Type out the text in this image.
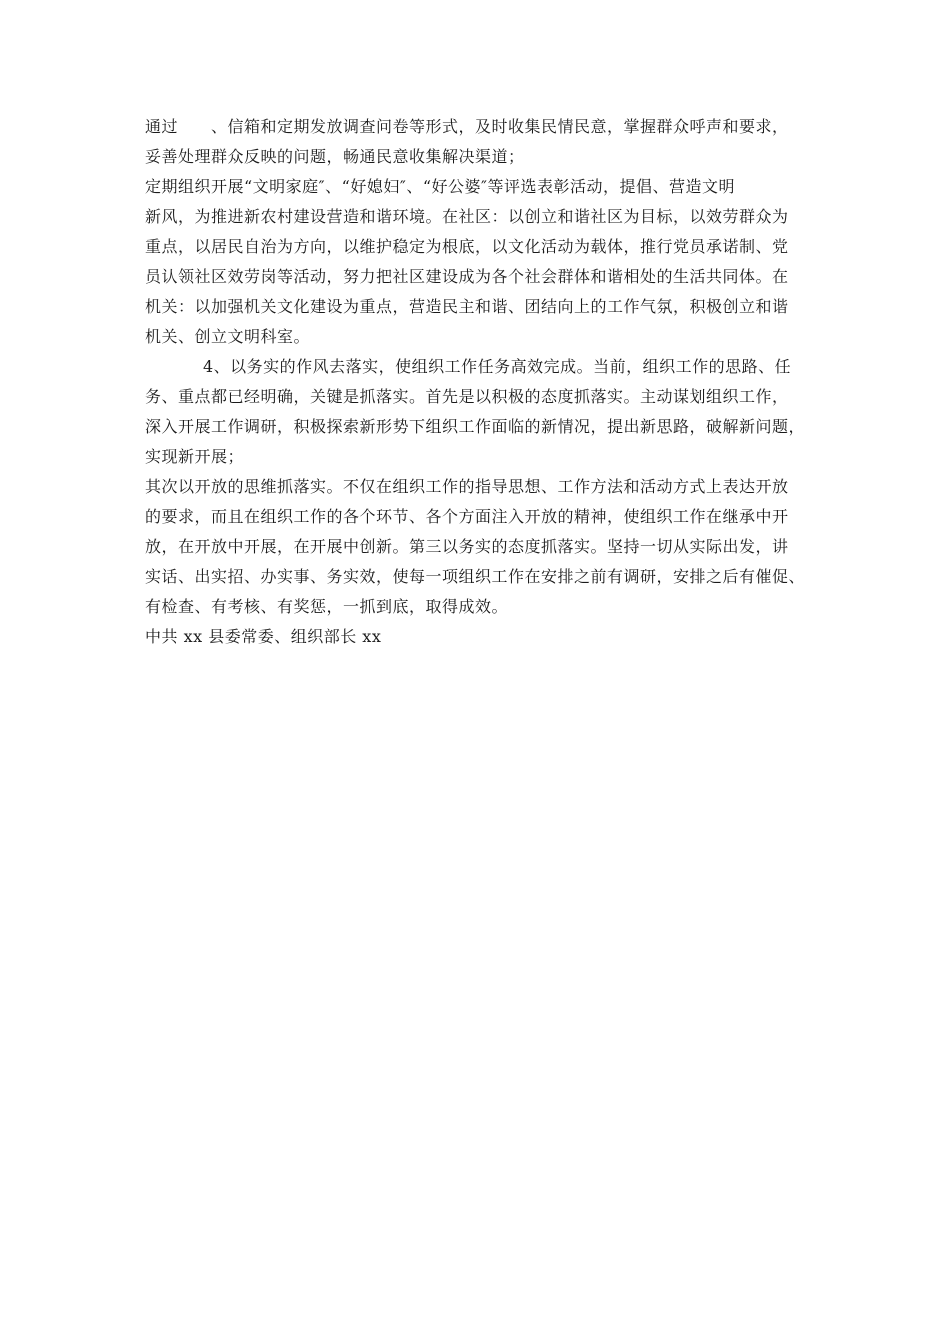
通过　　、信箱和定期发放调查问卷等形式，及时收集民情民意，掌握群众呼声和要求，
妥善处理群众反映的问题，畅通民意收集解决渠道；

定期组织开展“文明家庭″、“好媳妇″、“好公婆″等评选表彰活动，提倡、营造文明
新风，为推进新农村建设营造和谐环境。在社区：以创立和谐社区为目标，以效劳群众为
重点，以居民自治为方向，以维护稳定为根底，以文化活动为载体，推行党员承诺制、党
员认领社区效劳岗等活动，努力把社区建设成为各个社会群体和谐相处的生活共同体。在
机关：以加强机关文化建设为重点，营造民主和谐、团结向上的工作气氛，积极创立和谐
机关、创立文明科室。

4、以务实的作风去落实，使组织工作任务高效完成。当前，组织工作的思路、任
务、重点都已经明确，关键是抓落实。首先是以积极的态度抓落实。主动谋划组织工作，
深入开展工作调研，积极探索新形势下组织工作面临的新情况，提出新思路，破解新问题，
实现新开展；

其次以开放的思维抓落实。不仅在组织工作的指导思想、工作方法和活动方式上表达开放
的要求，而且在组织工作的各个环节、各个方面注入开放的精神，使组织工作在继承中开
放，在开放中开展，在开展中创新。第三以务实的态度抓落实。坚持一切从实际出发，讲
实话、出实招、办实事、务实效，使每一项组织工作在安排之前有调研，安排之后有催促、
有检查、有考核、有奖惩，一抓到底，取得成效。

中共 xx 县委常委、组织部长 xx
